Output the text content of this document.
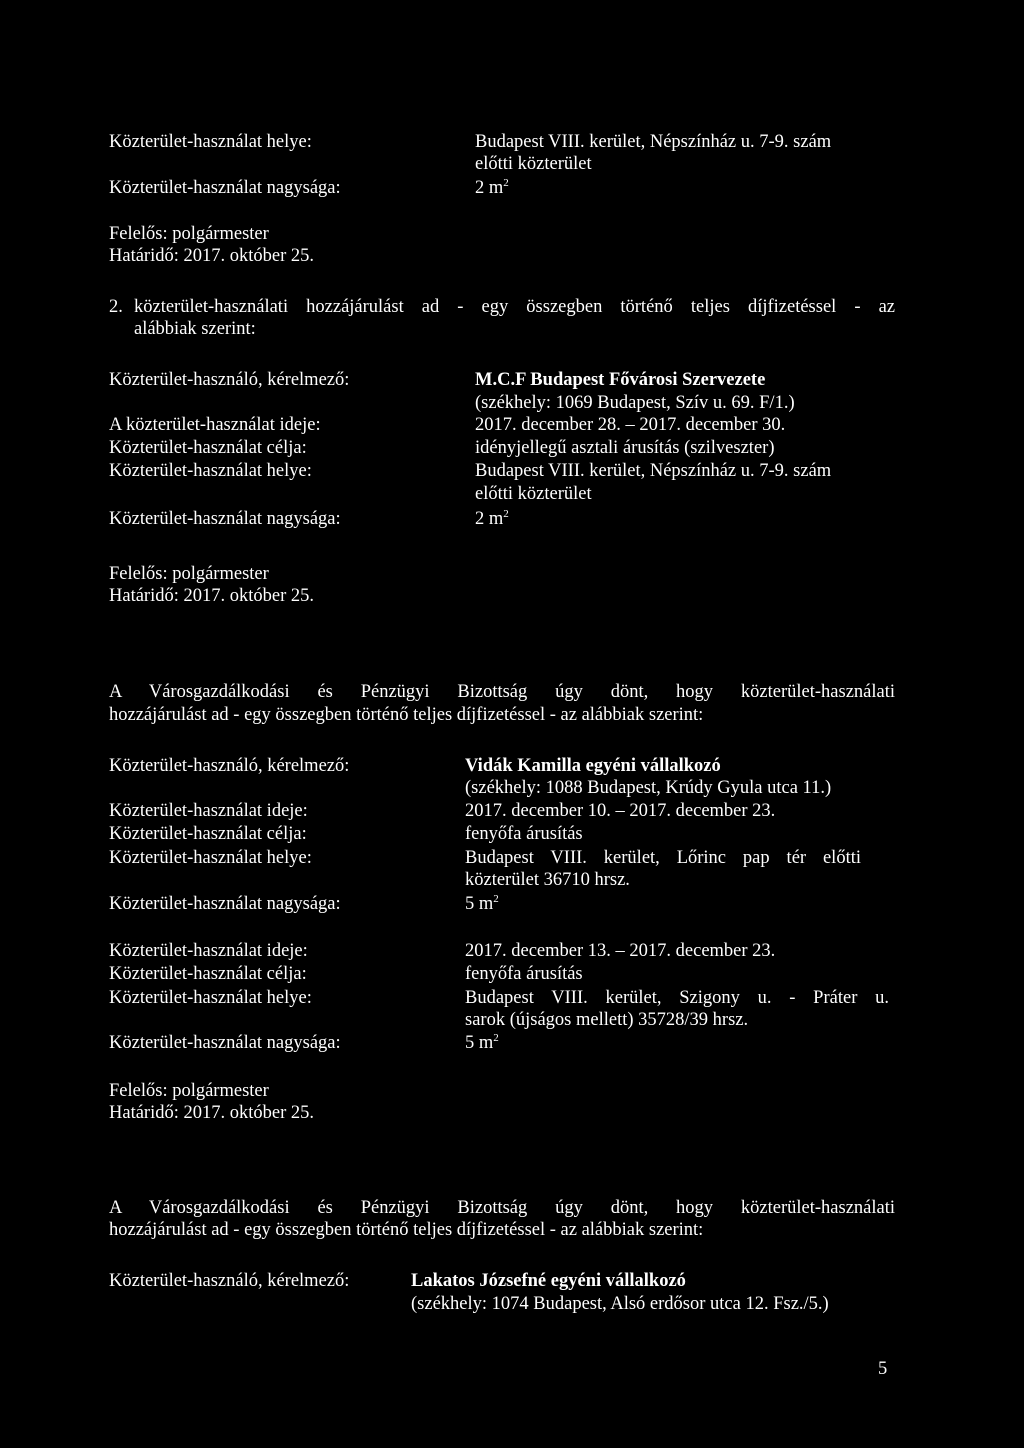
Közterület-használat helye:	Budapest VIII. kerület, Népszínház u. 7-9. szám
előtti közterület
Közterület-használat nagysága:	2 $m^2$
Felelős: polgármester
Határidő: 2017. október 25.
2. közterület-használati hozzájárulást ad - egy összegben történő teljes díjfizetéssel - az
alábbiak szerint:
Közterület-használó, kérelmező:	M.C.F Budapest Fővárosi Szervezete
(székhely: 1069 Budapest, Szív u. 69. F/1.)
A közterület-használat ideje:	2017. december 28. – 2017. december 30.
Közterület-használat célja:	idényjellegű asztali árusítás (szilveszter)
Közterület-használat helye:	Budapest VIII. kerület, Népszínház u. 7-9. szám
előtti közterület
Közterület-használat nagysága:	2 $m^2$
Felelős: polgármester
Határidő: 2017. október 25.
A Városgazdálkodási és Pénzügyi Bizottság úgy dönt, hogy közterület-használati
hozzájárulást ad - egy összegben történő teljes díjfizetéssel - az alábbiak szerint:
Közterület-használó, kérelmező:	Vidák Kamilla egyéni vállalkozó
(székhely: 1088 Budapest, Krúdy Gyula utca 11.)
Közterület-használat ideje:	2017. december 10. – 2017. december 23.
Közterület-használat célja:	fenyőfa árusítás
Közterület-használat helye:	Budapest VIII. kerület, Lőrinc pap tér előtti
közterület 36710 hrsz.
Közterület-használat nagysága:	5 $m^2$
Közterület-használat ideje:	2017. december 13. – 2017. december 23.
Közterület-használat célja:	fenyőfa árusítás
Közterület-használat helye:	Budapest VIII. kerület, Szigony u. - Práter u.
sarok (újságos mellett) 35728/39 hrsz.
Közterület-használat nagysága:	5 $m^2$
Felelős: polgármester
Határidő: 2017. október 25.
A Városgazdálkodási és Pénzügyi Bizottság úgy dönt, hogy közterület-használati
hozzájárulást ad - egy összegben történő teljes díjfizetéssel - az alábbiak szerint:
Közterület-használó, kérelmező:	Lakatos Józsefné egyéni vállalkozó
(székhely: 1074 Budapest, Alsó erdősor utca 12. Fsz./5.)
5
